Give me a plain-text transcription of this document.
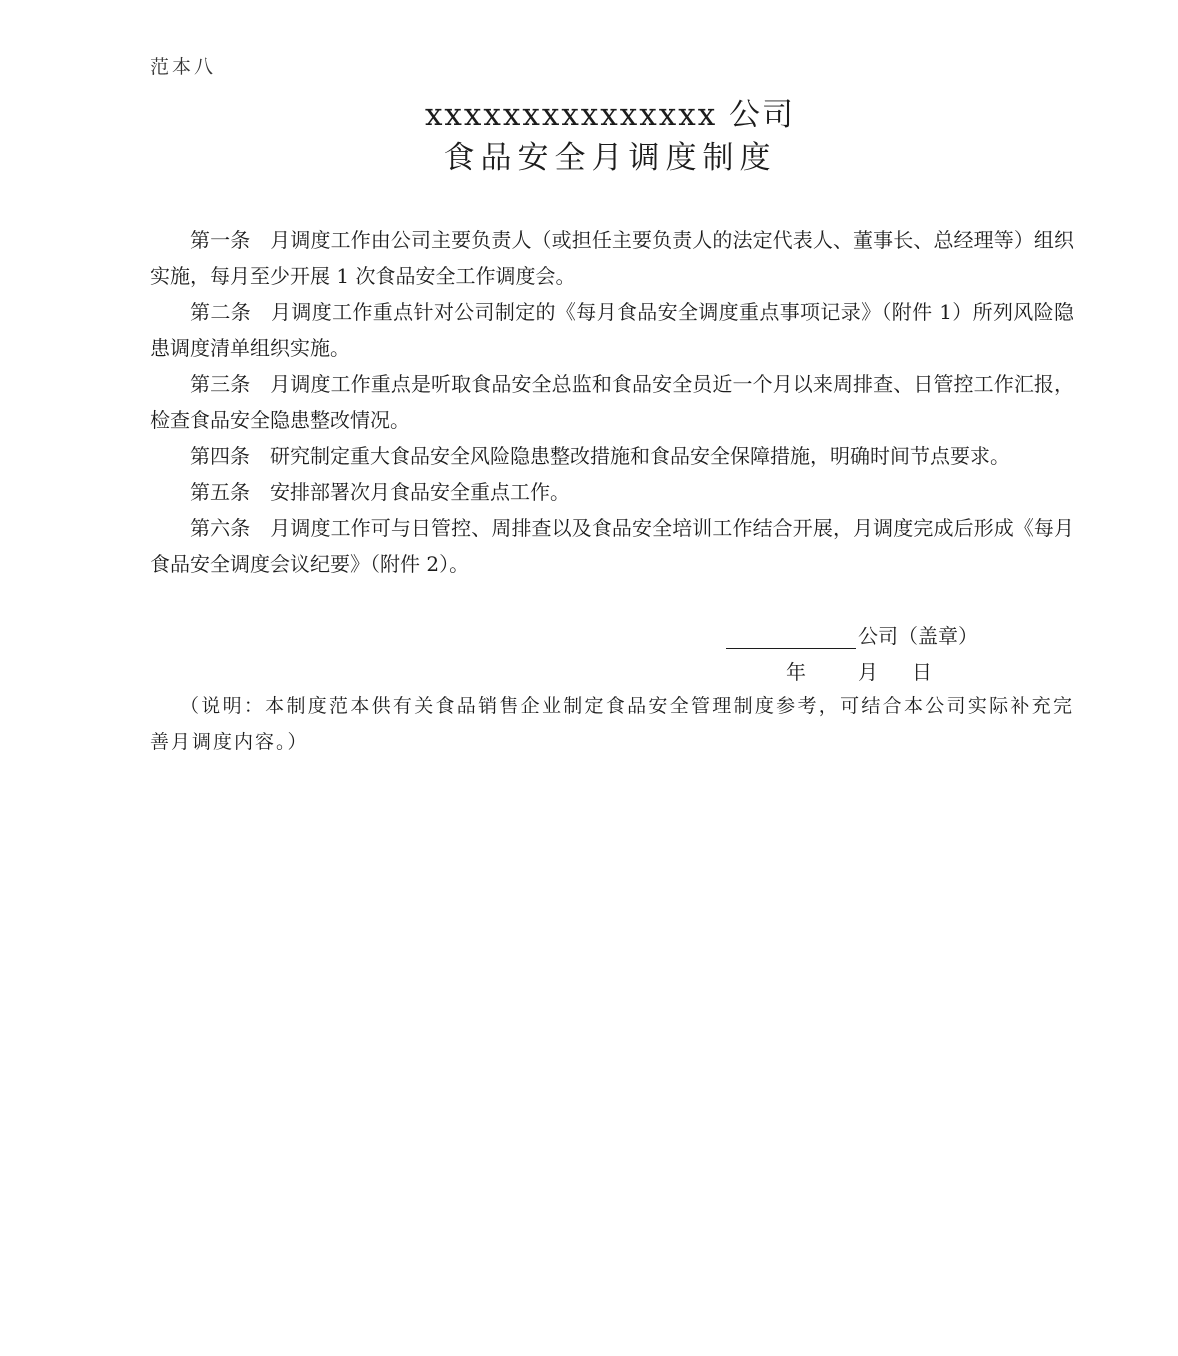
范本八
xxxxxxxxxxxxxxx 公司
食品安全月调度制度

第一条 月调度工作由公司主要负责人（或担任主要负责人的法定代表人、董事长、总经理等）组织实施，每月至少开展 1 次食品安全工作调度会。

第二条 月调度工作重点针对公司制定的《每月食品安全调度重点事项记录》（附件 1）所列风险隐患调度清单组织实施。

第三条 月调度工作重点是听取食品安全总监和食品安全员近一个月以来周排查、日管控工作汇报，检查食品安全隐患整改情况。

第四条 研究制定重大食品安全风险隐患整改措施和食品安全保障措施，明确时间节点要求。

第五条 安排部署次月食品安全重点工作。

第六条 月调度工作可与日管控、周排查以及食品安全培训工作结合开展，月调度完成后形成《每月食品安全调度会议纪要》（附件 2）。

公司（盖章）
年	月 日
（说明：本制度范本供有关食品销售企业制定食品安全管理制度参考，可结合本公司实际补充完善月调度内容。）
